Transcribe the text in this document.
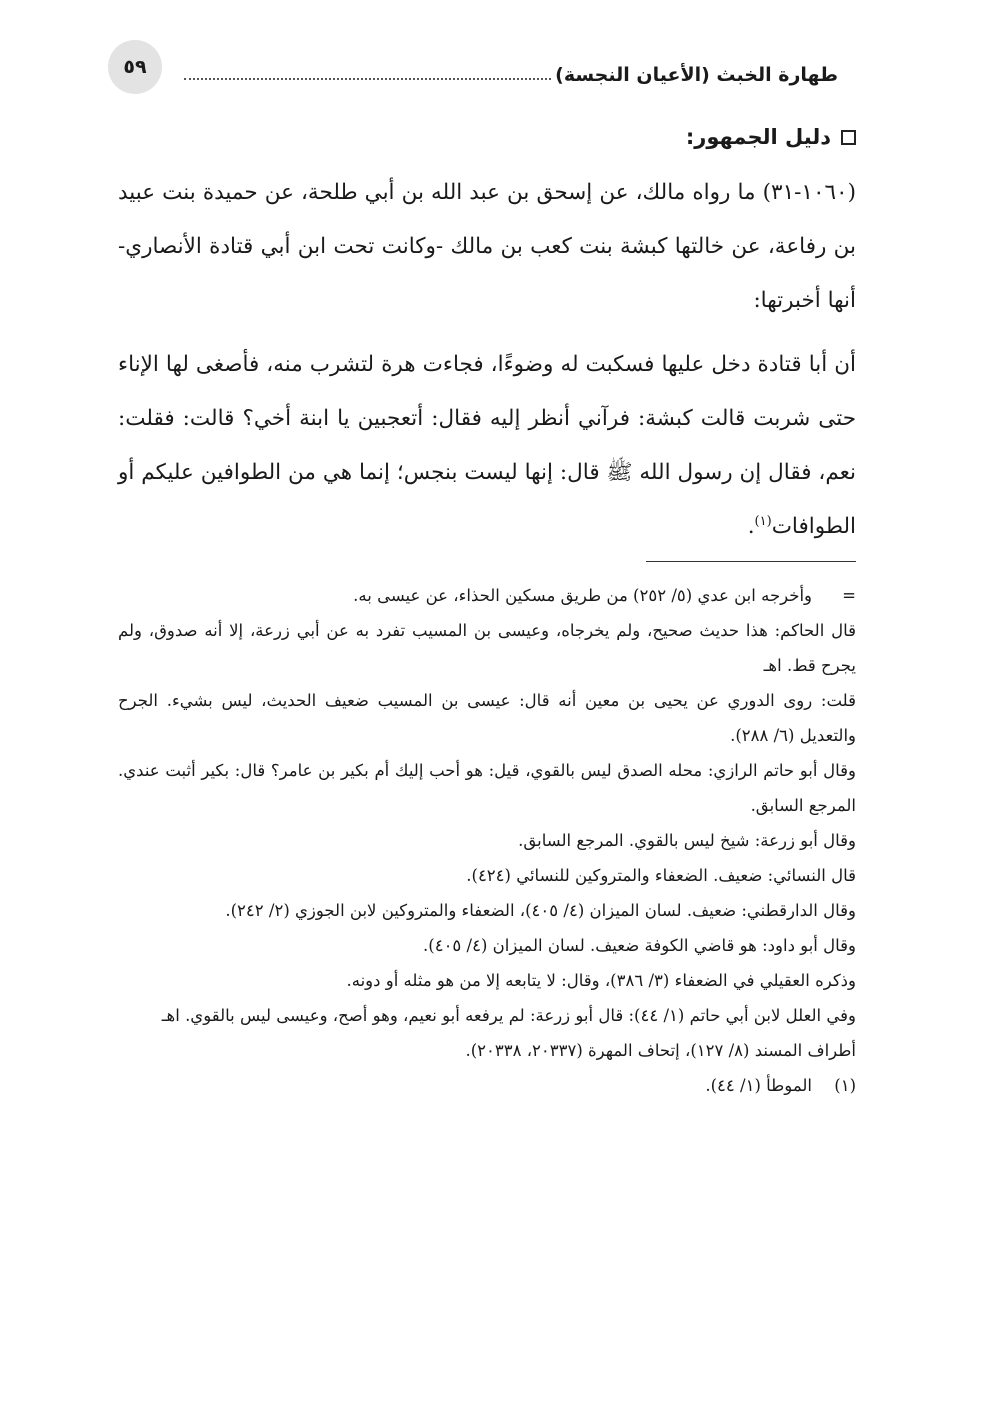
٥٩	طهارة الخبث (الأعيان النجسة)
دليل الجمهور:

(١٠٦٠-٣١) ما رواه مالك، عن إسحق بن عبد الله بن أبي طلحة، عن حميدة بنت عبيد بن رفاعة، عن خالتها كبشة بنت كعب بن مالك -وكانت تحت ابن أبي قتادة الأنصاري- أنها أخبرتها:

أن أبا قتادة دخل عليها فسكبت له وضوءًا، فجاءت هرة لتشرب منه، فأصغى لها الإناء حتى شربت قالت كبشة: فرآني أنظر إليه فقال: أتعجبين يا ابنة أخي؟ قالت: فقلت: نعم، فقال إن رسول الله ﷺ قال: إنها ليست بنجس؛ إنما هي من الطوافين عليكم أو الطوافات$^{(١)}$.

=
وأخرجه ابن عدي (٥/ ٢٥٢) من طريق مسكين الحذاء، عن عيسى به.

قال الحاكم: هذا حديث صحيح، ولم يخرجاه، وعيسى بن المسيب تفرد به عن أبي زرعة، إلا أنه صدوق، ولم يجرح قط. اهـ

قلت: روى الدوري عن يحيى بن معين أنه قال: عيسى بن المسيب ضعيف الحديث، ليس بشيء. الجرح والتعديل (٦/ ٢٨٨).

وقال أبو حاتم الرازي: محله الصدق ليس بالقوي، قيل: هو أحب إليك أم بكير بن عامر؟ قال: بكير أثبت عندي. المرجع السابق.

وقال أبو زرعة: شيخ ليس بالقوي. المرجع السابق.

قال النسائي: ضعيف. الضعفاء والمتروكين للنسائي (٤٢٤).

وقال الدارقطني: ضعيف. لسان الميزان (٤/ ٤٠٥)، الضعفاء والمتروكين لابن الجوزي (٢/ ٢٤٢).

وقال أبو داود: هو قاضي الكوفة ضعيف. لسان الميزان (٤/ ٤٠٥).

وذكره العقيلي في الضعفاء (٣/ ٣٨٦)، وقال: لا يتابعه إلا من هو مثله أو دونه.

وفي العلل لابن أبي حاتم (١/ ٤٤): قال أبو زرعة: لم يرفعه أبو نعيم، وهو أصح، وعيسى ليس بالقوي. اهـ

أطراف المسند (٨/ ١٢٧)، إتحاف المهرة (٢٠٣٣٧، ٢٠٣٣٨).

(١)
الموطأ (١/ ٤٤).
